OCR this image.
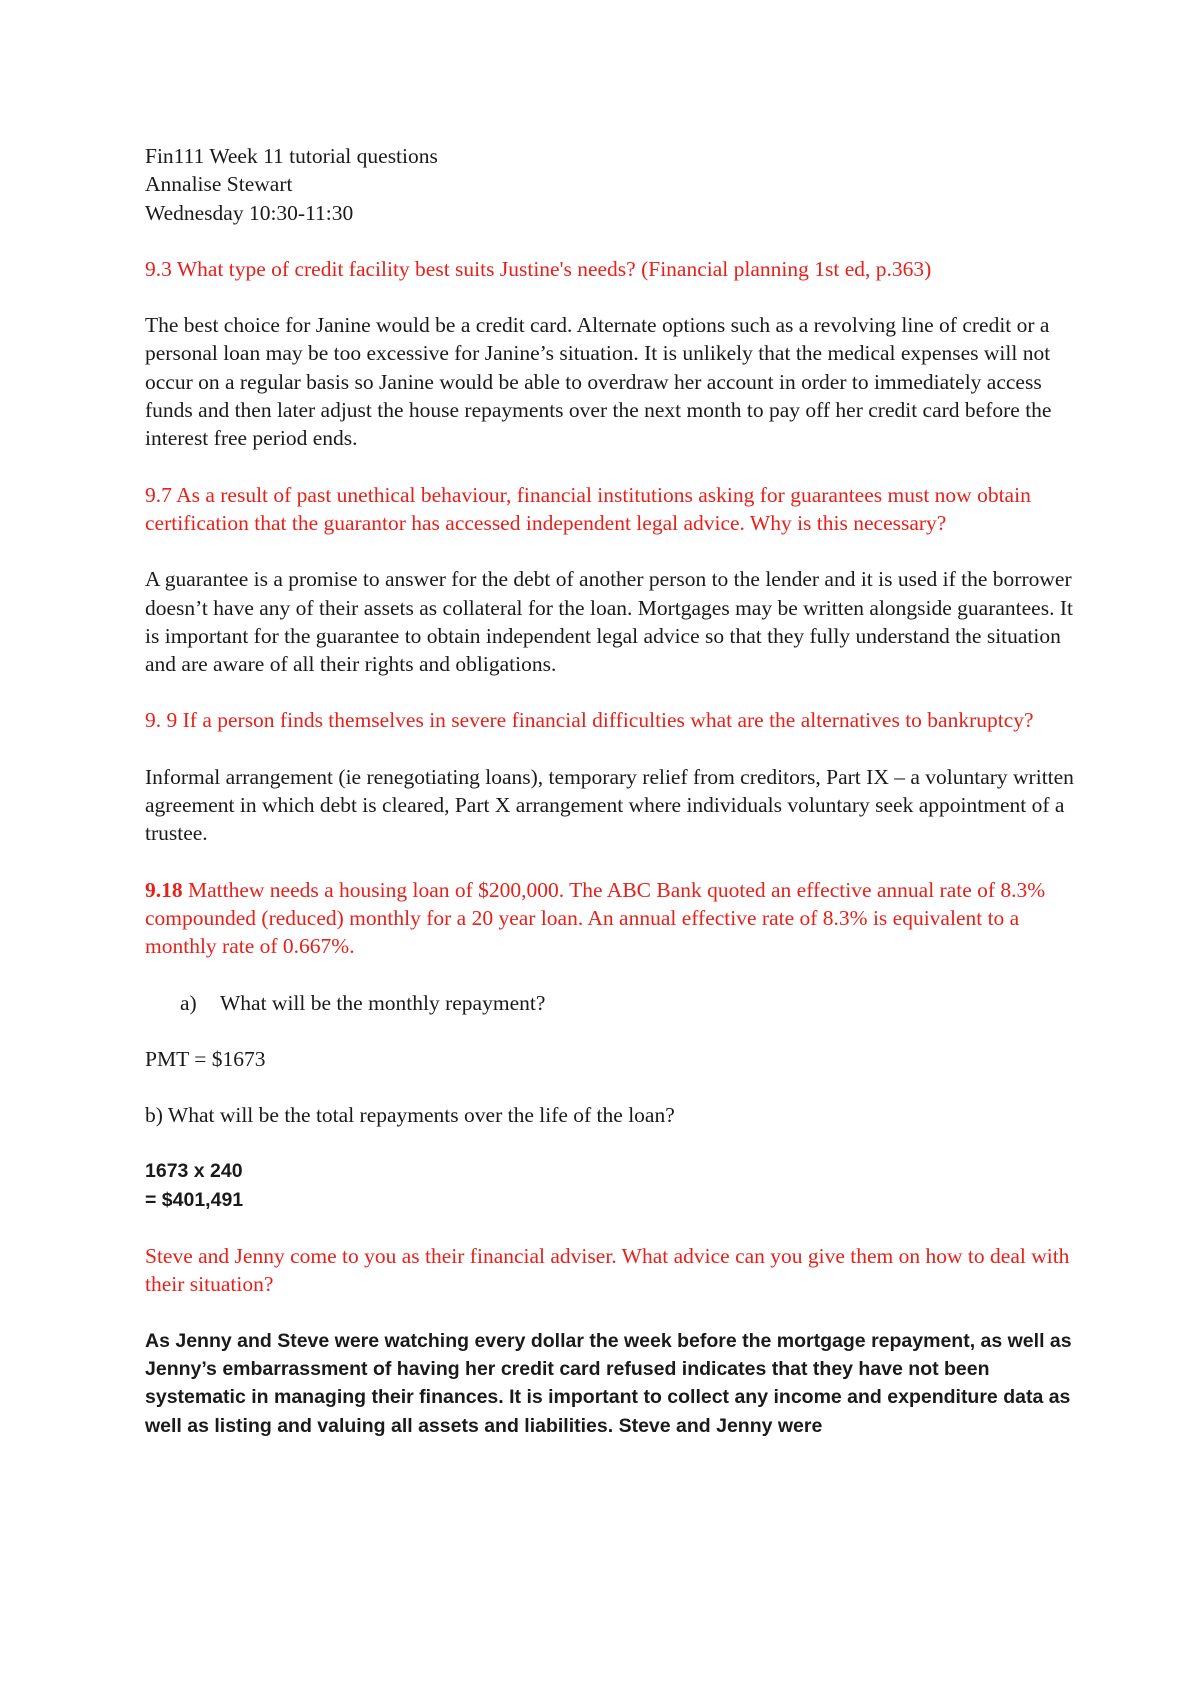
Fin111 Week 11 tutorial questions
Annalise Stewart
Wednesday 10:30-11:30

9.3 What type of credit facility best suits Justine's needs? (Financial planning 1st ed, p.363)

The best choice for Janine would be a credit card. Alternate options such as a revolving line of credit or a personal loan may be too excessive for Janine’s situation. It is unlikely that the medical expenses will not occur on a regular basis so Janine would be able to overdraw her account in order to immediately access funds and then later adjust the house repayments over the next month to pay off her credit card before the interest free period ends.

9.7 As a result of past unethical behaviour, financial institutions asking for guarantees must now obtain certification that the guarantor has accessed independent legal advice. Why is this necessary?

A guarantee is a promise to answer for the debt of another person to the lender and it is used if the borrower doesn’t have any of their assets as collateral for the loan. Mortgages may be written alongside guarantees. It is important for the guarantee to obtain independent legal advice so that they fully understand the situation and are aware of all their rights and obligations.

9. 9 If a person finds themselves in severe financial difficulties what are the alternatives to bankruptcy?

Informal arrangement (ie renegotiating loans), temporary relief from creditors, Part IX – a voluntary written agreement in which debt is cleared, Part X arrangement where individuals voluntary seek appointment of a trustee.

9.18 Matthew needs a housing loan of $200,000. The ABC Bank quoted an effective annual rate of 8.3% compounded (reduced) monthly for a 20 year loan. An annual effective rate of 8.3% is equivalent to a monthly rate of 0.667%.

a) What will be the monthly repayment?

PMT = $1673

b) What will be the total repayments over the life of the loan?

1673 x 240
= $401,491

Steve and Jenny come to you as their financial adviser. What advice can you give them on how to deal with their situation?

As Jenny and Steve were watching every dollar the week before the mortgage repayment, as well as Jenny’s embarrassment of having her credit card refused indicates that they have not been systematic in managing their finances. It is important to collect any income and expenditure data as well as listing and valuing all assets and liabilities. Steve and Jenny were
